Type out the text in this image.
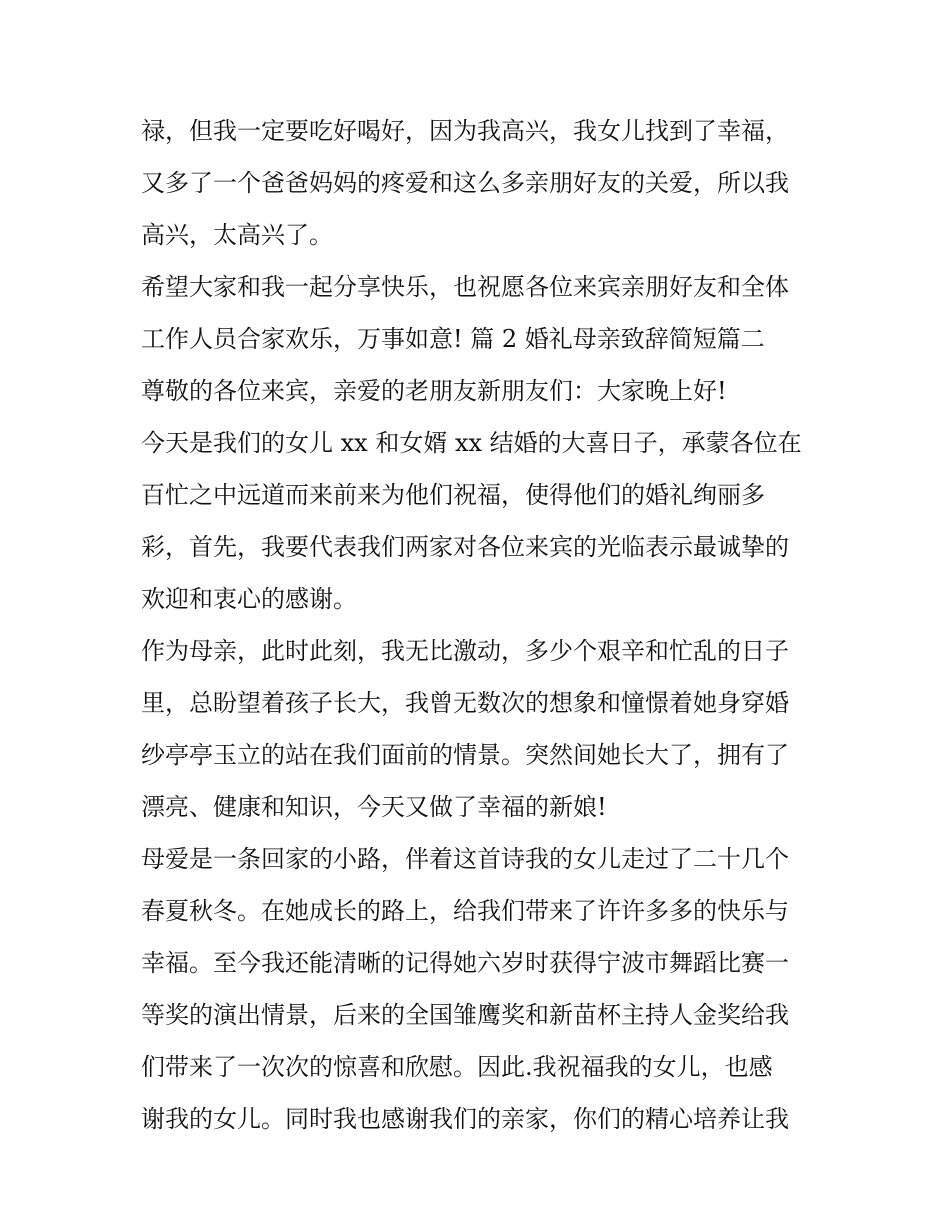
禄，但我一定要吃好喝好，因为我高兴，我女儿找到了幸福，
又多了一个爸爸妈妈的疼爱和这么多亲朋好友的关爱，所以我
高兴，太高兴了。
希望大家和我一起分享快乐，也祝愿各位来宾亲朋好友和全体
工作人员合家欢乐，万事如意! 篇 2 婚礼母亲致辞简短篇二
尊敬的各位来宾，亲爱的老朋友新朋友们：大家晚上好!
今天是我们的女儿 xx 和女婿 xx 结婚的大喜日子，承蒙各位在
百忙之中远道而来前来为他们祝福，使得他们的婚礼绚丽多
彩，首先，我要代表我们两家对各位来宾的光临表示最诚挚的
欢迎和衷心的感谢。
作为母亲，此时此刻，我无比激动，多少个艰辛和忙乱的日子
里，总盼望着孩子长大，我曾无数次的想象和憧憬着她身穿婚
纱亭亭玉立的站在我们面前的情景。突然间她长大了，拥有了
漂亮、健康和知识，今天又做了幸福的新娘!
母爱是一条回家的小路，伴着这首诗我的女儿走过了二十几个
春夏秋冬。在她成长的路上，给我们带来了许许多多的快乐与
幸福。至今我还能清晰的记得她六岁时获得宁波市舞蹈比赛一
等奖的演出情景，后来的全国雏鹰奖和新苗杯主持人金奖给我
们带来了一次次的惊喜和欣慰。因此.我祝福我的女儿，也感
谢我的女儿。同时我也感谢我们的亲家，你们的精心培养让我
